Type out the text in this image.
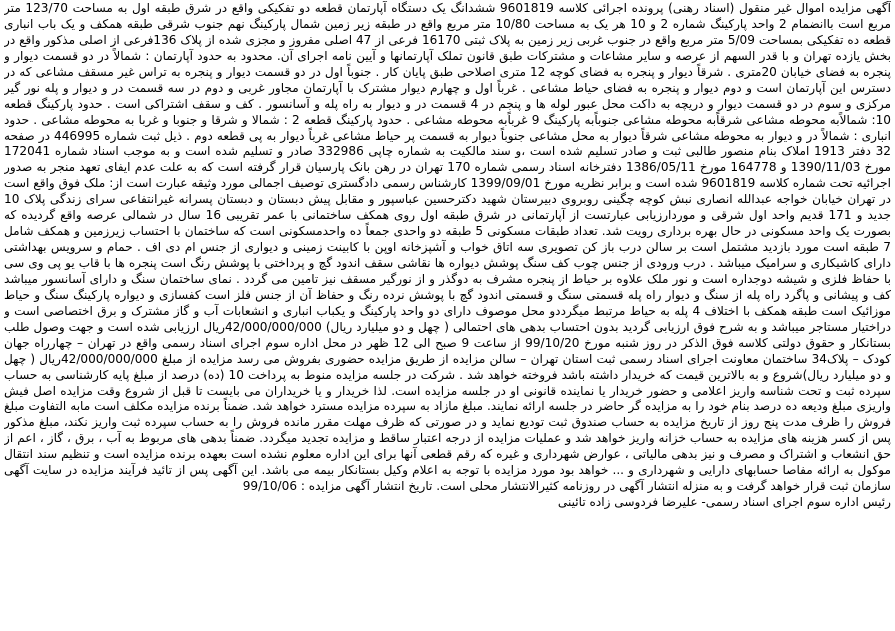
آگهی مزایده اموال غیر منقول (اسناد رهنی) پرونده اجرائی کلاسه 9601819 ششدانگ یک دستگاه آپارتمان قطعه دو تفکیکی واقع در شرق طبقه اول به مساحت 123/70 متر مربع است باانضمام 2 واحد پارکینگ شماره 2 و 10 هر یک به مساحت 10/80 متر مربع واقع در طبقه زیر زمین شمال پارکینگ نهم جنوب شرقی طبقه همکف و یک باب انباری قطعه ده تفکیکی بمساحت 5/09 متر مربع واقع در جنوب غربی زیر زمین به پلاک ثبتی 16170 فرعی از 47 اصلی مفروز و مجزی شده از پلاک 136فرعی از اصلی مذکور واقع در بخش یازده تهران و با قدر السهم از عرصه و سایر مشاعات و مشترکات طبق قانون تملک آپارتمانها و آیین نامه اجرای آن. محدود به حدود آپارتمان : شمالاً در دو قسمت دیوار و پنجره به فضای خیابان 20متری . شرقاً دیوار و پنجره به فضای کوچه 12 متری اصلاحی طبق پایان کار . جنوباً اول در دو قسمت دیوار و پنجره به تراس غیر مسقف مشاعی که در دسترس این آپارتمان است و دوم دیوار و پنجره به فضای حیاط مشاعی . غرباً اول و چهارم دیوار مشترک با آپارتمان مجاور غربی و دوم در سه قسمت در و دیوار و پله نور گیر مرکزی و سوم در دو قسمت دیوار و دریچه به داکت محل عبور لوله ها و پنجم در 4 قسمت در و دیوار به راه پله و آسانسور . کف و سقف اشتراکی است . حدود پارکینگ قطعه 10: شمالاًبه محوطه مشاعی شرقاًبه محوطه مشاعی جنوباًبه پارکینگ 9 غرباًبه محوطه مشاعی . حدود پارکینگ قطعه 2 : شمالا و شرقا و جنوبا و غربا به محوطه مشاعی . حدود انباری : شمالاً در و دیوار به محوطه مشاعی شرقاً دیوار به محل مشاعی جنوباً دیوار به قسمت پر حیاط مشاعی غرباً دیوار به پی قطعه دوم . ذیل ثبت شماره 446995 در صفحه 32 دفتر 1913 املاک بنام منصور طالبی ثبت و صادر تسلیم شده است ،و سند مالکیت به شماره چاپی 332986 صادر و تسلیم شده است و به موجب اسناد شماره 172041 مورخ 1390/11/03 و 164778 مورخ 1386/05/11 دفترخانه اسناد رسمی شماره 170 تهران در رهن بانک پارسیان قرار گرفته است که به علت عدم ایفای تعهد منجر به صدور اجرائیه تحت شماره کلاسه 9601819 شده است و برابر نظریه مورخ 1399/09/01 کارشناس رسمی دادگستری توصیف اجمالی مورد وثیقه عبارت است از: ملک فوق واقع است در تهران خیابان خواجه عبدالله انصاری نبش کوچه چگینی روبروی دبیرستان شهید دکترحسین عباسپور و مقابل پیش دبستان و دبستان پسرانه غیرانتفاعی سرای زندگی پلاک 10 جدید و 171 قدیم واحد اول شرقی و موردارزیابی عبارتست از آپارتمانی در شرق طبقه اول روی همکف ساختمانی با عمر تقریبی 16 سال در شمالی عرصه واقع گردیده که بصورت یک واحد مسکونی در حال بهره برداری رویت شد. تعداد طبقات مسکونی 5 طبقه دو واحدی جمعاً ده واحدمسکونی است که ساختمان با احتساب زیرزمین و همکف شامل 7 طبقه است مورد بازدید مشتمل است بر سالن درب باز کن تصویری سه اتاق خواب و آشپزخانه اوپن با کابینت زمینی و دیواری از جنس ام دی اف . حمام و سرویس بهداشتی دارای کاشیکاری و سرامیک میباشد . درب ورودی از جنس چوب کف سنگ پوشش دیواره ها نقاشی سقف اندود گچ و پرداختی با پوشش رنگ است پنجره ها با قاب یو پی وی سی با حفاظ فلزی و شیشه دوجداره است و نور ملک علاوه بر حیاط از پنجره مشرف به دوگذر و از نورگیر مسقف نیز تامین می گردد . نمای ساختمان سنگ و دارای آسانسور میباشد کف و پیشانی و پاگرد راه پله از سنگ و دیوار راه پله قسمتی سنگ و قسمتی اندود گچ با پوشش نرده رنگ و حفاظ آن از جنس فلز است کفسازی و دیواره پارکینگ سنگ و حیاط موزائیک است طبقه همکف با اختلاف 4 پله به حیاط مرتبط میگرددو محل موصوف دارای دو واحد پارکینگ و یکباب انباری و انشعابات آب و گاز مشترک و برق اختصاصی است و دراختیار مستاجر میباشد و به شرح فوق ارزیابی گردید بدون احتساب بدهی های احتمالی ( چهل و دو میلیارد ریال) 42/000/000/000ریال ارزیابی شده است و جهت وصول طلب بستانکار و حقوق دولتی کلاسه فوق الذکر در روز شنبه مورخ 99/10/20 از ساعت 9 صبح الی 12 ظهر در محل اداره سوم اجرای اسناد رسمی واقع در تهران – چهارراه جهان کودک – پلاک34 ساختمان معاونت اجرای اسناد رسمی ثبت استان تهران – سالن مزایده از طریق مزایده حضوری بفروش می رسد مزایده از مبلغ 42/000/000/000ریال ( چهل و دو میلیارد ریال)شروع و به بالاترین قیمت که خریدار داشته باشد فروخته خواهد شد . شرکت در جلسه مزایده منوط به پرداخت 10 (ده) درصد از مبلغ پایه کارشناسی به حساب سپرده ثبت و تحت شناسه واریز اعلامی و حضور خریدار یا نماینده قانونی او در جلسه مزایده است. لذا خریدار و یا خریداران می بایست تا قبل از شروع وقت مزایده اصل فیش واریزی مبلغ ودیعه ده درصد بنام خود را به مزایده گر حاضر در جلسه ارائه نمایند. مبلغ مازاد به سپرده مزایده مسترد خواهد شد. ضمناً برنده مزایده مکلف است مابه التفاوت مبلغ فروش را ظرف مدت پنج روز از تاریخ مزایده به حساب صندوق ثبت تودیع نماید و در صورتی که ظرف مهلت مقرر مانده فروش را به حساب سپرده ثبت واریز نکند، مبلغ مذکور پس از کسر هزینه های مزایده به حساب خزانه واریز خواهد شد و عملیات مزایده از درجه اعتبار ساقط و مزایده تجدید میگردد. ضمناً بدهی های مربوط به آب ، برق ، گاز ، اعم از حق انشعاب و اشتراک و مصرف و نیز بدهی مالیاتی ، عوارض شهرداری و غیره که رقم قطعی آنها برای این اداره معلوم نشده است بعهده برنده مزایده است و تنظیم سند انتقال موکول به ارائه مفاصا حسابهای دارایی و شهرداری و ... خواهد بود مورد مزایده با توجه به اعلام وکیل بستانکار بیمه می باشد. این آگهی پس از تائید فرآیند مزایده در سایت آگهی سازمان ثبت قرار خواهد گرفت و به منزله انتشار آگهی در روزنامه کثیرالانتشار محلی است. تاریخ انتشار آگهی مزایده : 99/10/06
رئیس اداره سوم اجرای اسناد رسمی- علیرضا فردوسی زاده تائینی
